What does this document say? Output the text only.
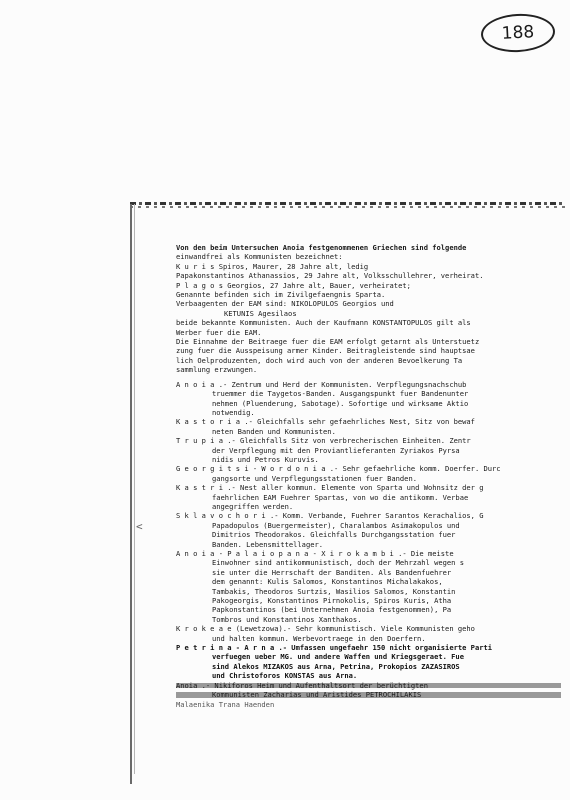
188
<
Von den beim Untersuchen Anoia festgenommenen Griechen sind folgende
einwandfrei als Kommunisten bezeichnet:
K u r i s Spiros, Maurer, 28 Jahre alt, ledig
Papakonstantinos Athanassios, 29 Jahre alt, Volksschullehrer, verheirat.
P l a g o s Georgios, 27 Jahre alt, Bauer, verheiratet;
Genannte befinden sich im Zivilgefaengnis Sparta.
Verbaagenten der EAM sind: NIKOLOPULOS Georgios und
KETUNIS Agesilaos
beide bekannte Kommunisten. Auch der Kaufmann KONSTANTOPULOS gilt als
Werber fuer die EAM.
Die Einnahme der Beitraege fuer die EAM erfolgt getarnt als Unterstuetz
zung fuer die Ausspeisung armer Kinder. Beitragleistende sind hauptsae
lich Oelproduzenten, doch wird auch von der anderen Bevoelkerung Ta
sammlung erzwungen.
A n o i a .- Zentrum und Herd der Kommunisten. Verpflegungsnachschub
truemmer die Taygetos-Banden. Ausgangspunkt fuer Bandenunter
nehmen (Pluenderung, Sabotage). Sofortige und wirksame Aktio
notwendig.
K a s t o r i a .- Gleichfalls sehr gefaehrliches Nest, Sitz von bewaf
neten Banden und Kommunisten.
T r u p i a .- Gleichfalls Sitz von verbrecherischen Einheiten. Zentr
der Verpflegung mit den Proviantlieferanten Zyriakos Pyrsa
nidis und Petros Kuruvis.
G e o r g i t s i - W o r d o n i a .- Sehr gefaehrliche komm. Doerfer. Durc
gangsorte und Verpflegungsstationen fuer Banden.
K a s t r i .- Nest aller kommun. Elemente von Sparta und Wohnsitz der g
faehrlichen EAM Fuehrer Spartas, von wo die antikomm. Verbae
angegriffen werden.
S k l a v o c h o r i .- Komm. Verbande, Fuehrer Sarantos Kerachalios, G
Papadopulos (Buergermeister), Charalambos Asimakopulos und
Dimitrios Theodorakos. Gleichfalls Durchgangsstation fuer
Banden. Lebensmittellager.
A n o i a - P a l a i o p a n a - X i r o k a m b i .- Die meiste
Einwohner sind antikommunistisch, doch der Mehrzahl wegen s
sie unter die Herrschaft der Banditen. Als Bandenfuehrer
dem genannt: Kulis Salomos, Konstantinos Michalakakos,
Tambakis, Theodoros Surtzis, Wasilios Salomos, Konstantin
Pakogeorgis, Konstantinos Pirnokolis, Spiros Kuris, Atha
Papkonstantinos (bei Unternehmen Anoia festgenommen), Pa
Tombros und Konstantinos Xanthakos.
K r o k e a e (Lewetzowa).- Sehr kommunistisch. Viele Kommunisten geho
und halten kommun. Werbevortraege in den Doerfern.
P e t r i n a - A r n a .- Umfassen ungefaehr 150 nicht organisierte Parti
verfuegen ueber MG. und andere Waffen und Kriegsgeraet. Fue
sind Alekos MIZAKOS aus Arna, Petrina, Prokopios ZAZASIROS
und Christoforos KONSTAS aus Arna.
Anoia .- Nikiforos Heim und Aufenthaltsort der berüchtigten
Kommunisten Zacharias und Aristides PETROCHILAKIS
Malaenika Trana Haenden
